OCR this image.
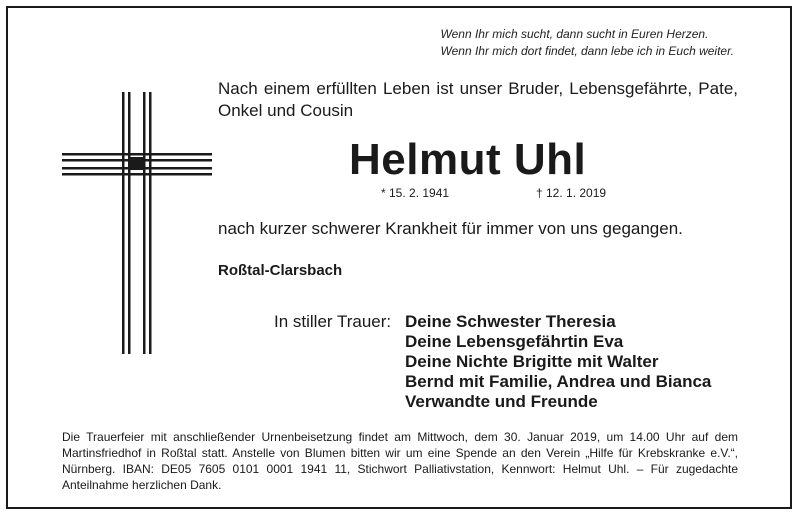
Wenn Ihr mich sucht, dann sucht in Euren Herzen.
Wenn Ihr mich dort findet, dann lebe ich in Euch weiter.
Nach einem erfüllten Leben ist unser Bruder, Lebensgefährte, Pate, Onkel und Cousin
Helmut Uhl
* 15. 2. 1941	† 12. 1. 2019
nach kurzer schwerer Krankheit für immer von uns gegangen.
Roßtal-Clarsbach
In stiller Trauer: Deine Schwester Theresia
Deine Lebensgefährtin Eva
Deine Nichte Brigitte mit Walter
Bernd mit Familie, Andrea und Bianca
Verwandte und Freunde
Die Trauerfeier mit anschließender Urnenbeisetzung findet am Mittwoch, dem 30. Januar 2019, um 14.00 Uhr auf dem Martinsfriedhof in Roßtal statt. Anstelle von Blumen bitten wir um eine Spende an den Verein „Hilfe für Krebskranke e.V.“, Nürnberg. IBAN: DE05 7605 0101 0001 1941 11, Stichwort Palliativstation, Kennwort: Helmut Uhl. – Für zugedachte Anteilnahme herzlichen Dank.
